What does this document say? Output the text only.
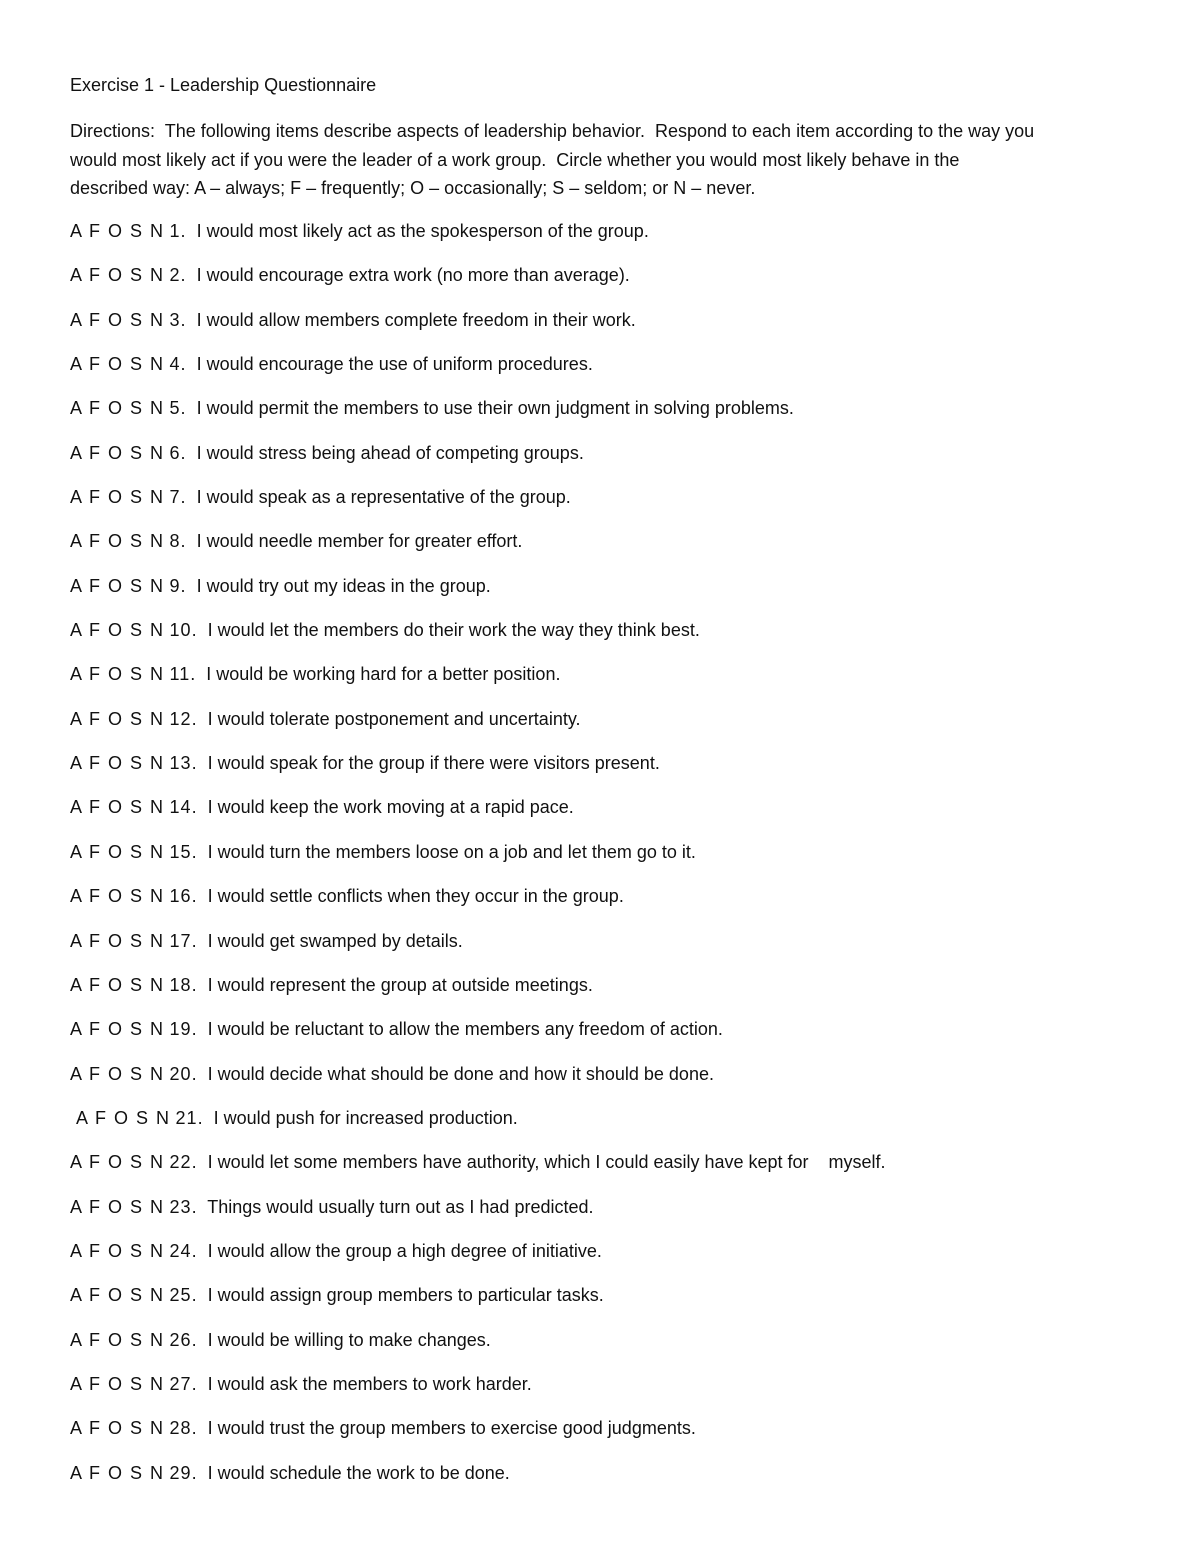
Exercise 1 - Leadership Questionnaire

Directions:  The following items describe aspects of leadership behavior.  Respond to each item according to the way you
would most likely act if you were the leader of a work group.  Circle whether you would most likely behave in the
described way: A – always; F – frequently; O – occasionally; S – seldom; or N – never.

A F O S N 1. I would most likely act as the spokesperson of the group.
A F O S N 2. I would encourage extra work (no more than average).
A F O S N 3. I would allow members complete freedom in their work.
A F O S N 4. I would encourage the use of uniform procedures.
A F O S N 5. I would permit the members to use their own judgment in solving problems.
A F O S N 6. I would stress being ahead of competing groups.
A F O S N 7. I would speak as a representative of the group.
A F O S N 8. I would needle member for greater effort.
A F O S N 9. I would try out my ideas in the group.
A F O S N 10. I would let the members do their work the way they think best.
A F O S N 11. I would be working hard for a better position.
A F O S N 12. I would tolerate postponement and uncertainty.
A F O S N 13. I would speak for the group if there were visitors present.
A F O S N 14. I would keep the work moving at a rapid pace.
A F O S N 15. I would turn the members loose on a job and let them go to it.
A F O S N 16. I would settle conflicts when they occur in the group.
A F O S N 17. I would get swamped by details.
A F O S N 18. I would represent the group at outside meetings.
A F O S N 19. I would be reluctant to allow the members any freedom of action.
A F O S N 20. I would decide what should be done and how it should be done.
A F O S N 21. I would push for increased production.
A F O S N 22. I would let some members have authority, which I could easily have kept for    myself.
A F O S N 23. Things would usually turn out as I had predicted.
A F O S N 24. I would allow the group a high degree of initiative.
A F O S N 25. I would assign group members to particular tasks.
A F O S N 26. I would be willing to make changes.
A F O S N 27. I would ask the members to work harder.
A F O S N 28. I would trust the group members to exercise good judgments.
A F O S N 29. I would schedule the work to be done.
